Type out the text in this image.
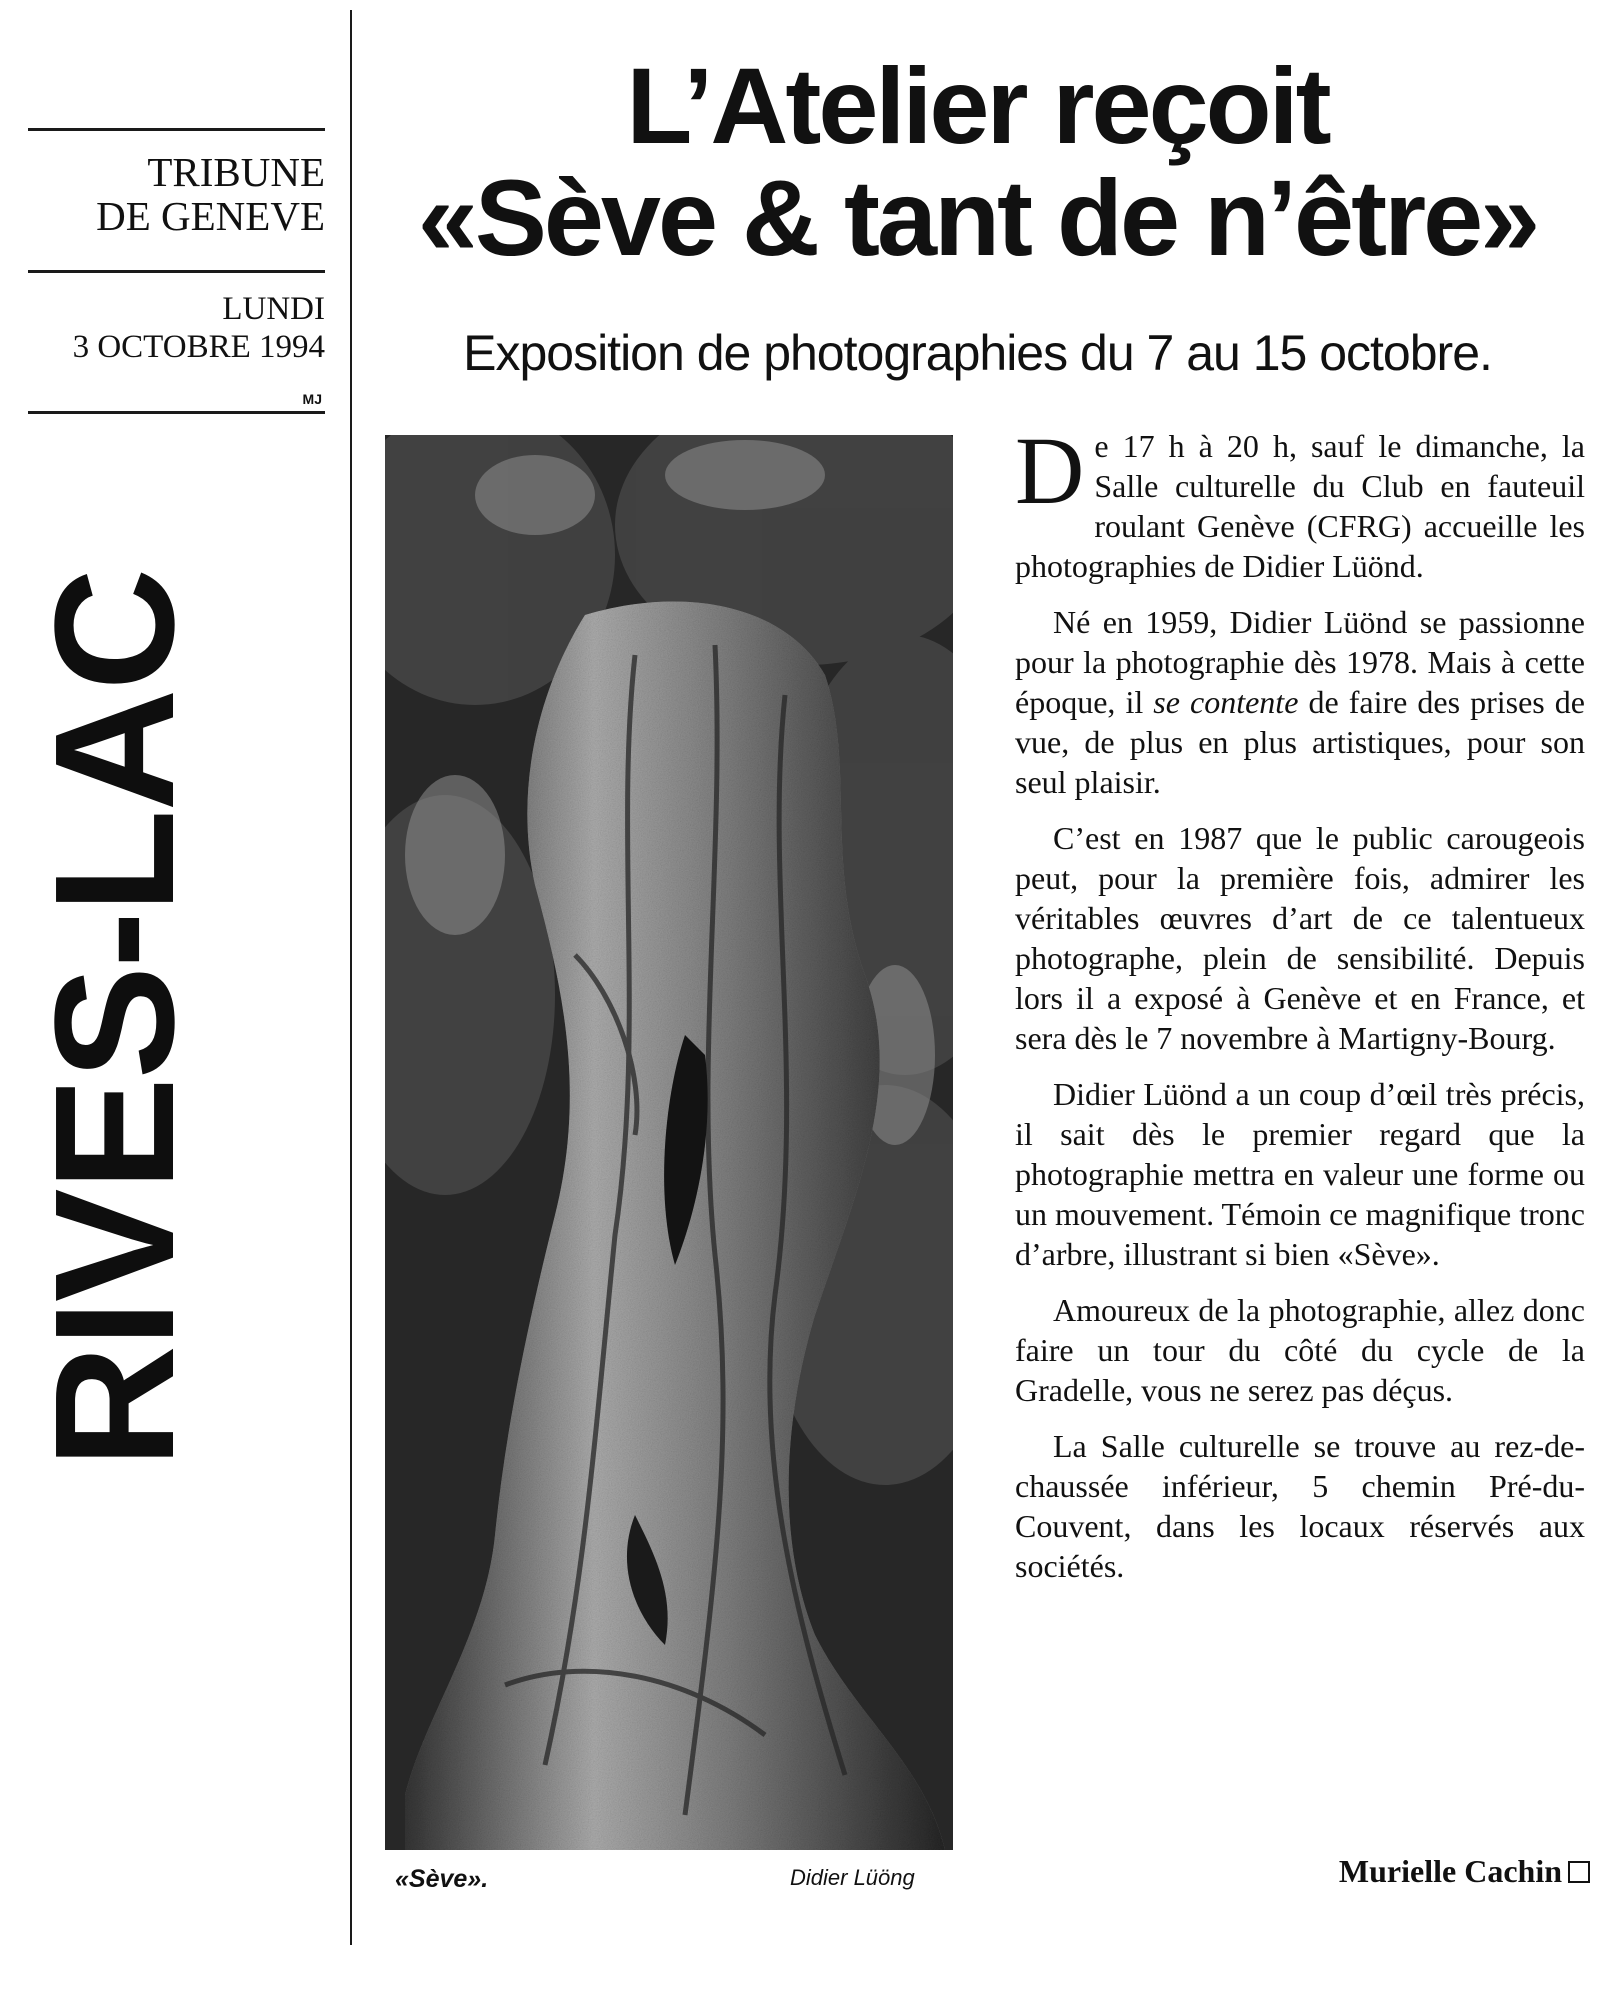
TRIBUNE
DE GENEVE
LUNDI
3 OCTOBRE 1994
MJ
RIVES-LAC
L’Atelier reçoit
«Sève & tant de n’être»
Exposition de photographies du 7 au 15 octobre.
«Sève».	Didier Lüöng

De 17 h à 20 h, sauf le dimanche, la Salle culturelle du Club en fauteuil roulant Genève (CFRG) accueille les photographies de Didier Lüönd.

Né en 1959, Didier Lüönd se passionne pour la photographie dès 1978. Mais à cette époque, il se contente de faire des prises de vue, de plus en plus artistiques, pour son seul plaisir.

C’est en 1987 que le public carougeois peut, pour la première fois, admirer les véritables œuvres d’art de ce talentueux photographe, plein de sensibilité. Depuis lors il a exposé à Genève et en France, et sera dès le 7 novembre à Martigny-Bourg.

Didier Lüönd a un coup d’œil très précis, il sait dès le premier regard que la photographie mettra en valeur une forme ou un mouvement. Témoin ce magnifique tronc d’arbre, illustrant si bien «Sève».

Amoureux de la photographie, allez donc faire un tour du côté du cycle de la Gradelle, vous ne serez pas déçus.

La Salle culturelle se trouve au rez-de-chaussée inférieur, 5 chemin Pré-du-Couvent, dans les locaux réservés aux sociétés.

Murielle Cachin
